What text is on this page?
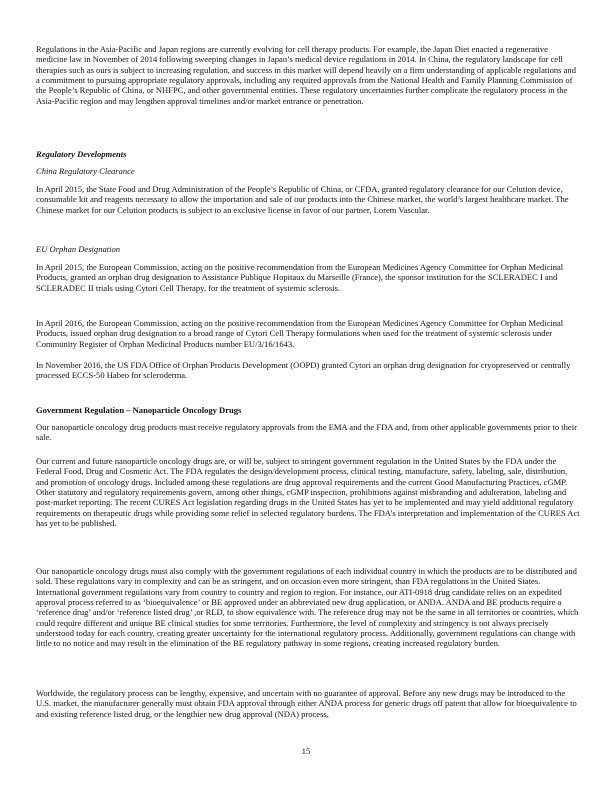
Regulations in the Asia-Pacific and Japan regions are currently evolving for cell therapy products. For example, the Japan Diet enacted a regenerative medicine law in November of 2014 following sweeping changes in Japan’s medical device regulations in 2014. In China, the regulatory landscape for cell therapies such as ours is subject to increasing regulation, and success in this market will depend heavily on a firm understanding of applicable regulations and a commitment to pursuing appropriate regulatory approvals, including any required approvals from the National Health and Family Planning Commission of the People’s Republic of China, or NHFPC, and other governmental entities. These regulatory uncertainties further complicate the regulatory process in the Asia-Pacific region and may lengthen approval timelines and/or market entrance or penetration.

Regulatory Developments
China Regulatory Clearance

In April 2015, the State Food and Drug Administration of the People’s Republic of China, or CFDA, granted regulatory clearance for our Celution device, consumable kit and reagents necessary to allow the importation and sale of our products into the Chinese market, the world’s largest healthcare market. The Chinese market for our Celution products is subject to an exclusive license in favor of our partner, Lorem Vascular.

EU Orphan Designation

In April 2015, the European Commission, acting on the positive recommendation from the European Medicines Agency Committee for Orphan Medicinal Products, granted an orphan drug designation to Assistance Publique Hopitaux du Marseille (France), the sponsor institution for the SCLERADEC I and SCLERADEC II trials using Cytori Cell Therapy, for the treatment of systemic sclerosis.

In April 2016, the European Commission, acting on the positive recommendation from the European Medicines Agency Committee for Orphan Medicinal Products, issued orphan drug designation to a broad range of Cytori Cell Therapy formulations when used for the treatment of systemic sclerosis under Community Register of Orphan Medicinal Products number EU/3/16/1643.

In November 2016, the US FDA Office of Orphan Products Development (OOPD) granted Cytori an orphan drug designation for cryopreserved or centrally processed ECCS-50 Habeo for scleroderma.

Government Regulation – Nanoparticle Oncology Drugs

Our nanoparticle oncology drug products must receive regulatory approvals from the EMA and the FDA and, from other applicable governments prior to their sale.

Our current and future nanoparticle oncology drugs are, or will be, subject to stringent government regulation in the United States by the FDA under the Federal Food, Drug and Cosmetic Act. The FDA regulates the design/development process, clinical testing, manufacture, safety, labeling, sale, distribution, and promotion of oncology drugs. Included among these regulations are drug approval requirements and the current Good Manufacturing Practices, cGMP. Other statutory and regulatory requirements govern, among other things, cGMP inspection, prohibitions against misbranding and adulteration, labeling and post-market reporting. The recent CURES Act legislation regarding drugs in the United States has yet to be implemented and may yield additional regulatory requirements on therapeutic drugs while providing some relief in selected regulatory burdens. The FDA’s interpretation and implementation of the CURES Act has yet to be published.

Our nanoparticle oncology drugs must also comply with the government regulations of each individual country in which the products are to be distributed and sold. These regulations vary in complexity and can be as stringent, and on occasion even more stringent, than FDA regulations in the United States. International government regulations vary from country to country and region to region. For instance, our ATI-0918 drug candidate relies on an expedited approval process referred to as ‘bioequivalence’ or BE approved under an abbreviated new drug application, or ANDA. ANDA and BE products require a ‘reference drug’ and/or ‘reference listed drug’ ,or RLD, to show equivalence with. The reference drug may not be the same in all territories or countries, which could require different and unique BE clinical studies for some territories. Furthermore, the level of complexity and stringency is not always precisely understood today for each country, creating greater uncertainty for the international regulatory process. Additionally, government regulations can change with little to no notice and may result in the elimination of the BE regulatory pathway in some regions, creating increased regulatory burden.

Worldwide, the regulatory process can be lengthy, expensive, and uncertain with no guarantee of approval. Before any new drugs may be introduced to the U.S. market, the manufacturer generally must obtain FDA approval through either ANDA process for generic drugs off patent that allow for bioequivalence to and existing reference listed drug, or the lengthier new drug approval (NDA) process,

15
